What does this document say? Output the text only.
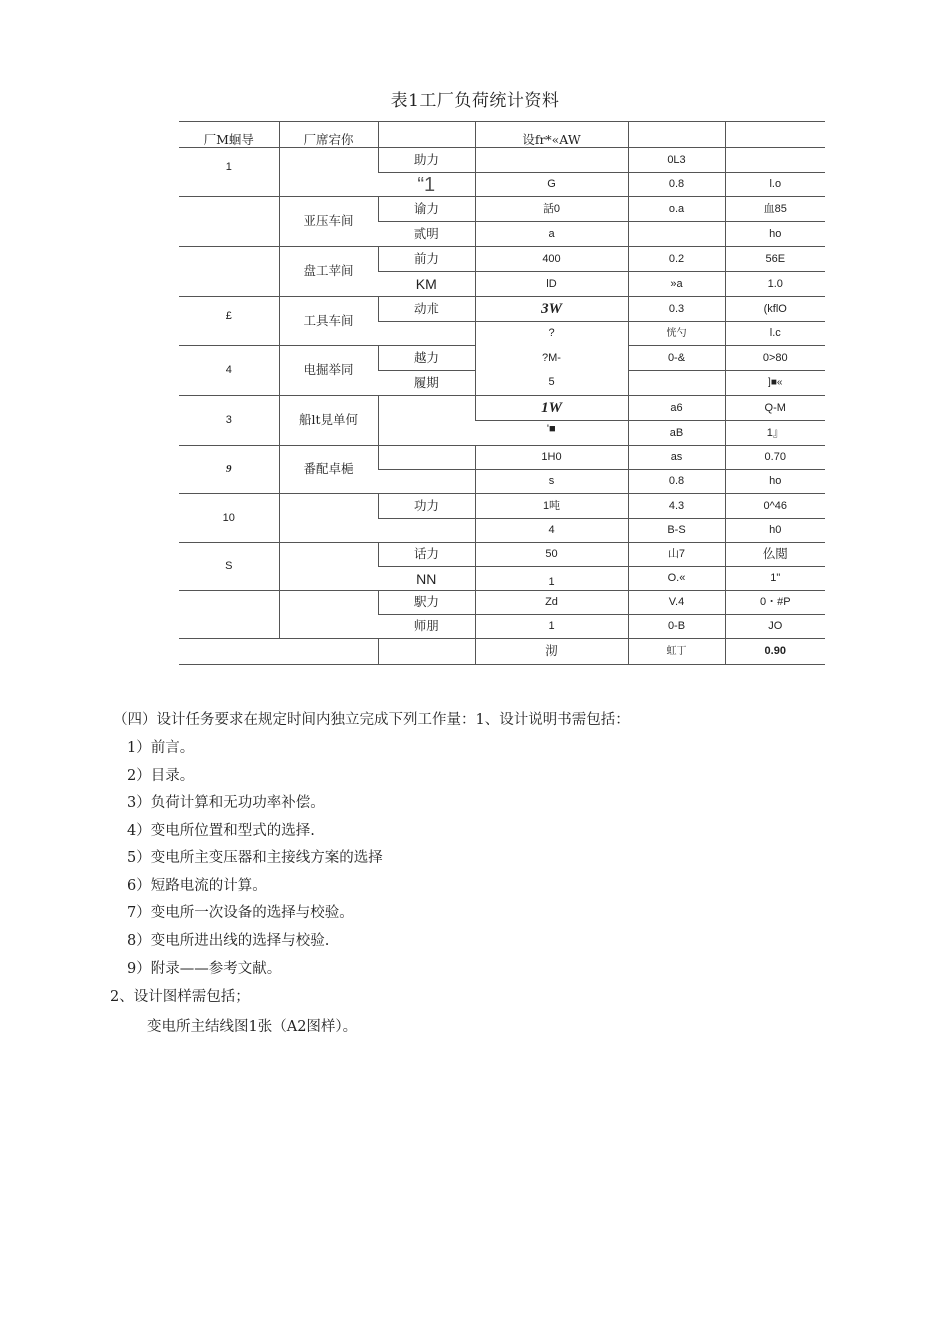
表1工厂负荷统计资料
厂M蛔导	厂席宕你		设fr*«AW		
1		助力		0L3	
		“1	G	0.8	l.o
	亚压车间	谕力	話0	o.a	血85
		贰明	a		ho
	盘工苹间	前力	400	0.2	56E
		KM	lD	»a	1.0
£	工具车间	动朮	3W	0.3	(kflO
			?	恍勺	l.c
4	电掘举同	越力	?M-	0-&	0>80
		履期	5		]■«
3	船lt見单何		1W	a6	Q-M
			'■	aB	1』
9	番配卓梔		1H0	as	0.70
			s	0.8	ho
10		功力	1吨	4.3	0^46
			4	B-S	h0
S		话力	50	山7	仫閲
		NN	1	O.«	1"
		駅力	Zd	V.4	0・#P
		师朋	1	0-B	JO
			沏	虹丁	0.90
（四）设计任务要求在规定时间内独立完成下列工作量：1、设计说明书需包括：
1）前言。
2）目录。
3）负荷计算和无功功率补偿。
4）变电所位置和型式的选择.
5）变电所主变压器和主接线方案的选择
6）短路电流的计算。
7）变电所一次设备的选择与校验。
8）变电所进出线的选择与校验.
9）附录——参考文献。
2、设计图样需包括；
变电所主结线图1张（A2图样）。
